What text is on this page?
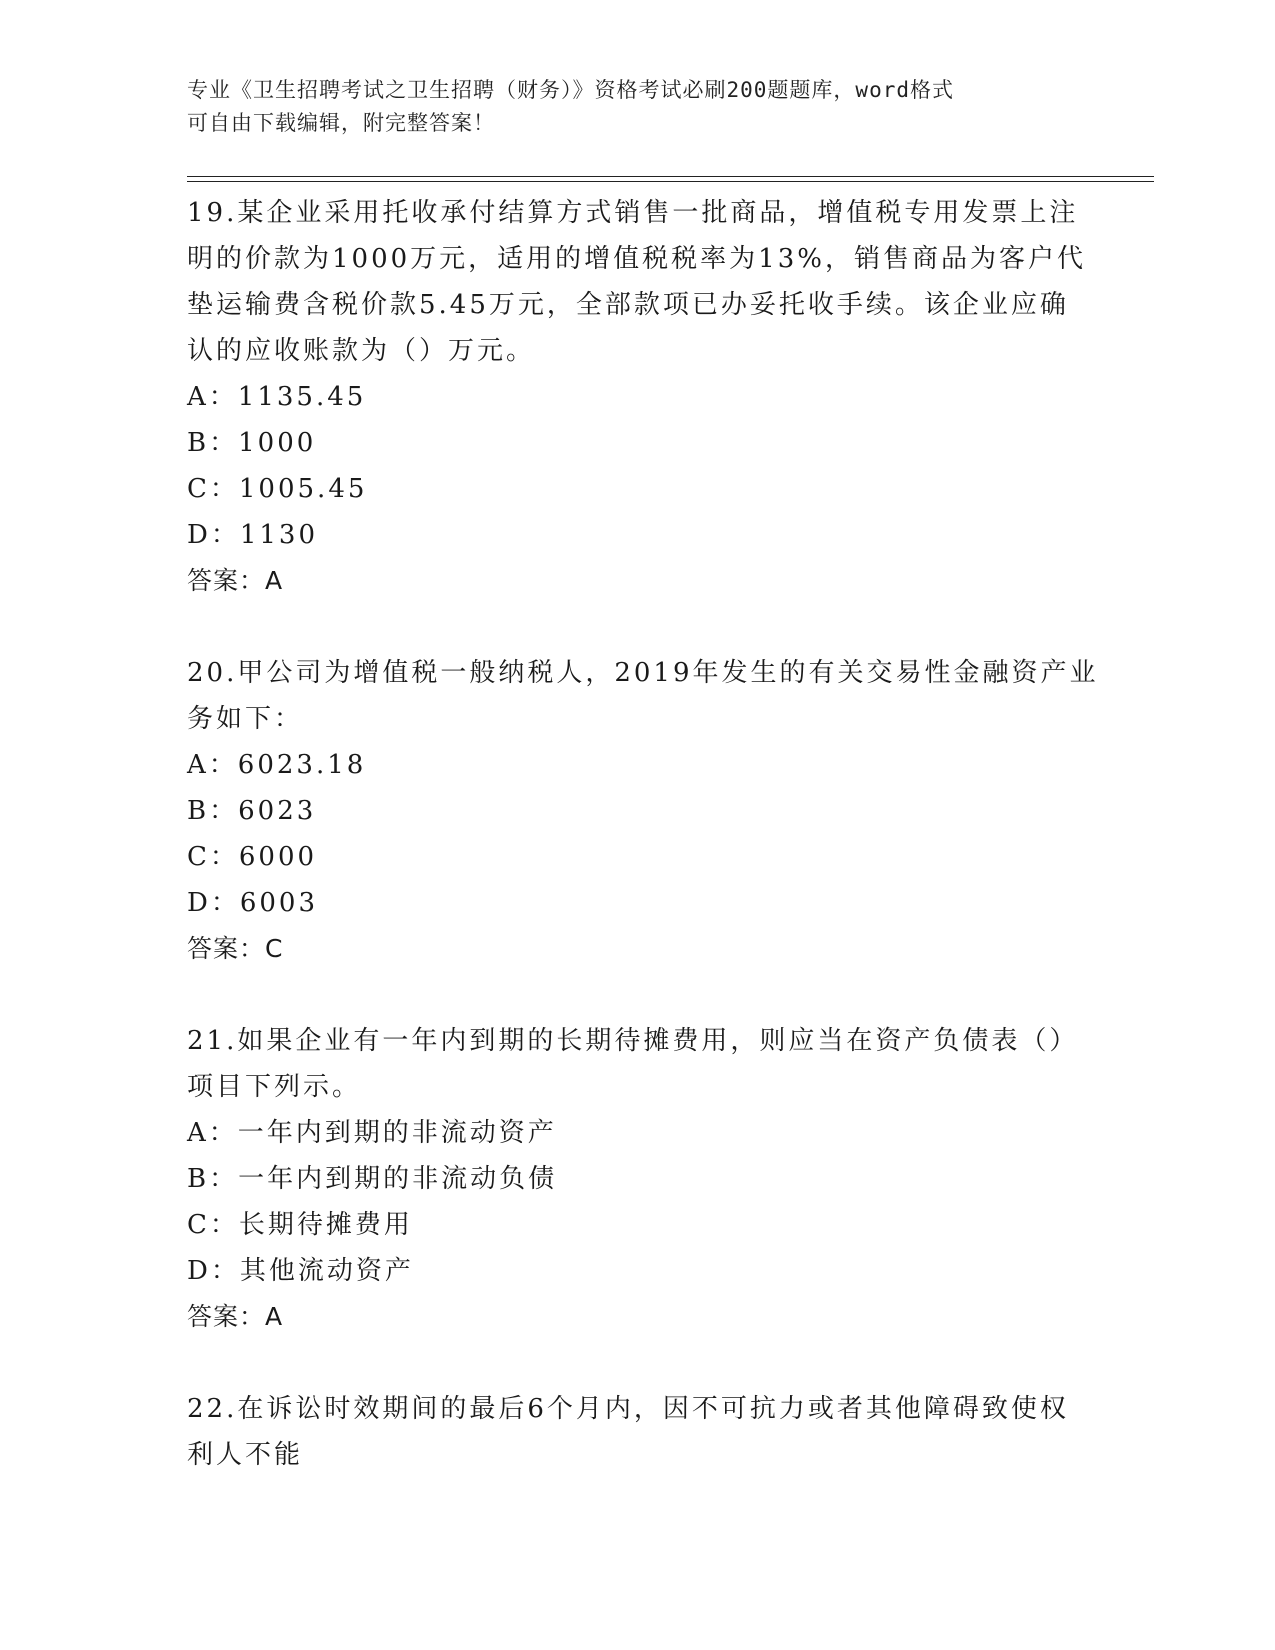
专业《卫生招聘考试之卫生招聘（财务）》资格考试必刷200题题库，word格式
可自由下载编辑，附完整答案！
19.某企业采用托收承付结算方式销售一批商品，增值税专用发票上注
明的价款为1000万元，适用的增值税税率为13%，销售商品为客户代
垫运输费含税价款5.45万元，全部款项已办妥托收手续。该企业应确
认的应收账款为（）万元。
A：1135.45
B：1000
C：1005.45
D：1130
答案：A
20.甲公司为增值税一般纳税人，2019年发生的有关交易性金融资产业
务如下：
A：6023.18
B：6023
C：6000
D：6003
答案：C
21.如果企业有一年内到期的长期待摊费用，则应当在资产负债表（）
项目下列示。
A：一年内到期的非流动资产
B：一年内到期的非流动负债
C：长期待摊费用
D：其他流动资产
答案：A
22.在诉讼时效期间的最后6个月内，因不可抗力或者其他障碍致使权
利人不能
